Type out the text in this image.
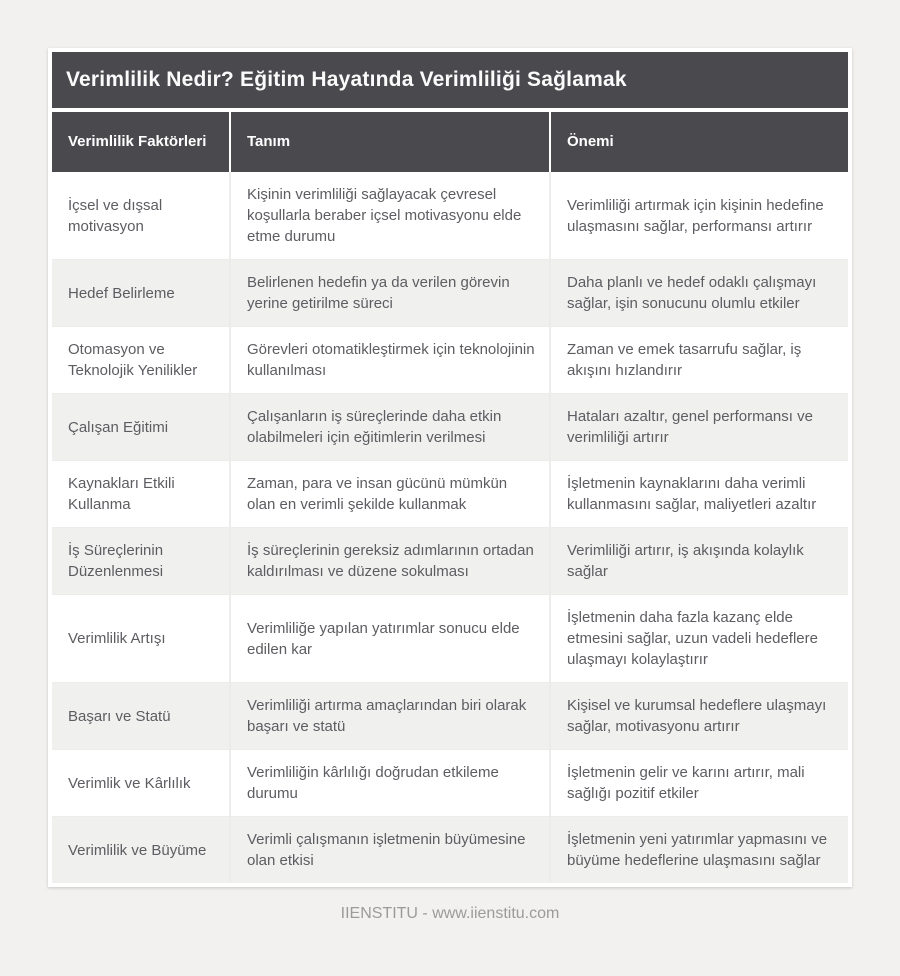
Verimlilik Nedir? Eğitim Hayatında Verimliliği Sağlamak
Verimlilik Faktörleri	Tanım	Önemi
İçsel ve dışsal motivasyon	Kişinin verimliliği sağlayacak çevresel koşullarla beraber içsel motivasyonu elde etme durumu	Verimliliği artırmak için kişinin hedefine ulaşmasını sağlar, performansı artırır
Hedef Belirleme	Belirlenen hedefin ya da verilen görevin yerine getirilme süreci	Daha planlı ve hedef odaklı çalışmayı sağlar, işin sonucunu olumlu etkiler
Otomasyon ve Teknolojik Yenilikler	Görevleri otomatikleştirmek için teknolojinin kullanılması	Zaman ve emek tasarrufu sağlar, iş akışını hızlandırır
Çalışan Eğitimi	Çalışanların iş süreçlerinde daha etkin olabilmeleri için eğitimlerin verilmesi	Hataları azaltır, genel performansı ve verimliliği artırır
Kaynakları Etkili Kullanma	Zaman, para ve insan gücünü mümkün olan en verimli şekilde kullanmak	İşletmenin kaynaklarını daha verimli kullanmasını sağlar, maliyetleri azaltır
İş Süreçlerinin Düzenlenmesi	İş süreçlerinin gereksiz adımlarının ortadan kaldırılması ve düzene sokulması	Verimliliği artırır, iş akışında kolaylık sağlar
Verimlilik Artışı	Verimliliğe yapılan yatırımlar sonucu elde edilen kar	İşletmenin daha fazla kazanç elde etmesini sağlar, uzun vadeli hedeflere ulaşmayı kolaylaştırır
Başarı ve Statü	Verimliliği artırma amaçlarından biri olarak başarı ve statü	Kişisel ve kurumsal hedeflere ulaşmayı sağlar, motivasyonu artırır
Verimlik ve Kârlılık	Verimliliğin kârlılığı doğrudan etkileme durumu	İşletmenin gelir ve karını artırır, mali sağlığı pozitif etkiler
Verimlilik ve Büyüme	Verimli çalışmanın işletmenin büyümesine olan etkisi	İşletmenin yeni yatırımlar yapmasını ve büyüme hedeflerine ulaşmasını sağlar
IIENSTITU - www.iienstitu.com
